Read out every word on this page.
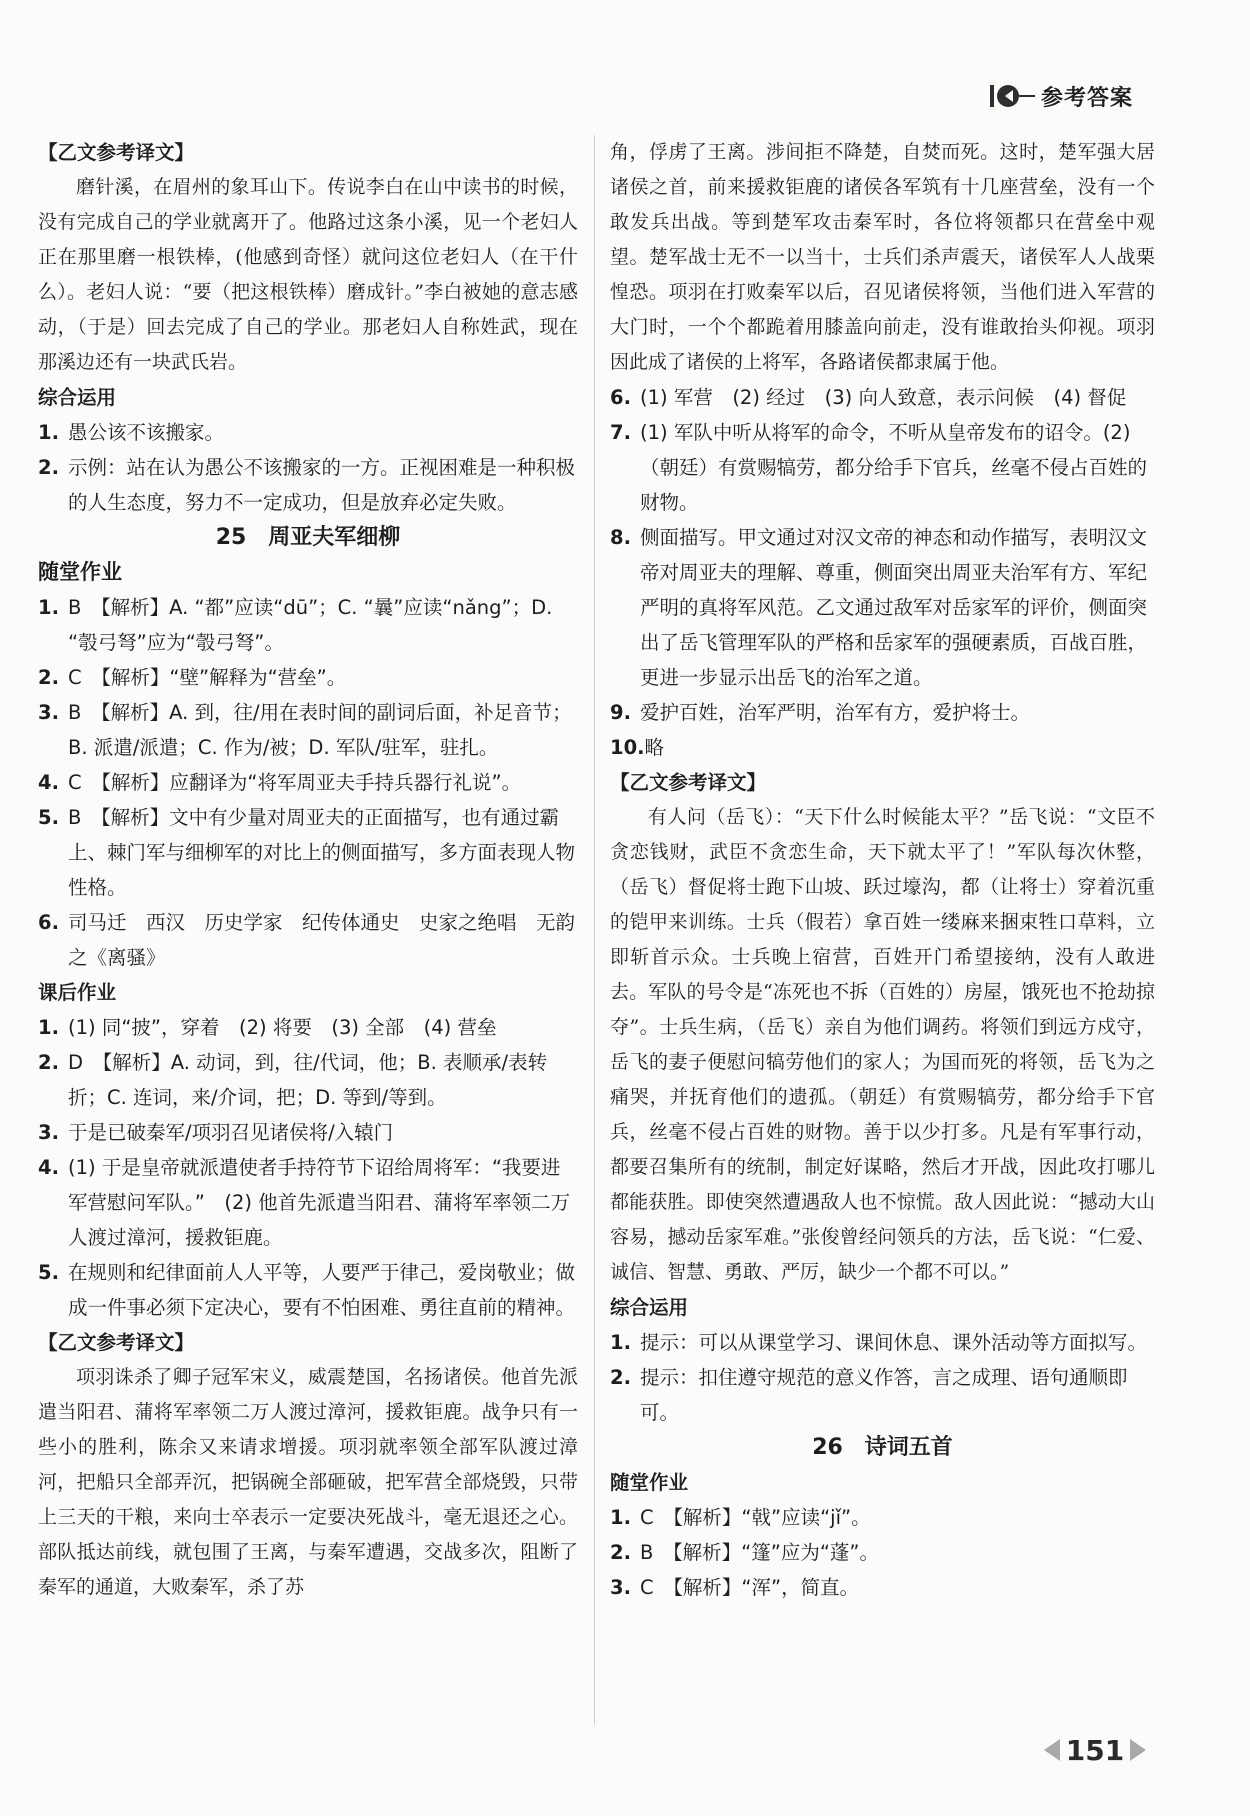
参考答案

【乙文参考译文】

磨针溪，在眉州的象耳山下。传说李白在山中读书的时候，没有完成自己的学业就离开了。他路过这条小溪，见一个老妇人正在那里磨一根铁棒，(他感到奇怪）就问这位老妇人（在干什么）。老妇人说：“要（把这根铁棒）磨成针。”李白被她的意志感动，（于是）回去完成了自己的学业。那老妇人自称姓武，现在那溪边还有一块武氏岩。

综合运用

1. 愚公该不该搬家。
2. 示例：站在认为愚公不该搬家的一方。正视困难是一种积极的人生态度，努力不一定成功，但是放弃必定失败。

25　周亚夫军细柳

随堂作业

1. B　【解析】A. “都”应读“dū”；C. “曩”应读“nǎng”；D. “彀弓弩”应为“彀弓弩”。
2. C　【解析】“壁”解释为“营垒”。
3. B　【解析】A. 到，往/用在表时间的副词后面，补足音节；B. 派遣/派遣；C. 作为/被；D. 军队/驻军，驻扎。
4. C　【解析】应翻译为“将军周亚夫手持兵器行礼说”。
5. B　【解析】文中有少量对周亚夫的正面描写，也有通过霸上、棘门军与细柳军的对比上的侧面描写，多方面表现人物性格。
6. 司马迁　西汉　历史学家　纪传体通史　史家之绝唱　无韵之《离骚》

课后作业

1. (1) 同“披”，穿着　(2) 将要　(3) 全部　(4) 营垒
2. D　【解析】A. 动词，到，往/代词，他；B. 表顺承/表转折；C. 连词，来/介词，把；D. 等到/等到。
3. 于是已破秦军/项羽召见诸侯将/入辕门
4. (1) 于是皇帝就派遣使者手持符节下诏给周将军：“我要进军营慰问军队。”　(2) 他首先派遣当阳君、蒲将军率领二万人渡过漳河，援救钜鹿。
5. 在规则和纪律面前人人平等，人要严于律己，爱岗敬业；做成一件事必须下定决心，要有不怕困难、勇往直前的精神。

【乙文参考译文】

项羽诛杀了卿子冠军宋义，威震楚国，名扬诸侯。他首先派遣当阳君、蒲将军率领二万人渡过漳河，援救钜鹿。战争只有一些小的胜利，陈余又来请求增援。项羽就率领全部军队渡过漳河，把船只全部弄沉，把锅碗全部砸破，把军营全部烧毁，只带上三天的干粮，来向士卒表示一定要决死战斗，毫无退还之心。部队抵达前线，就包围了王离，与秦军遭遇，交战多次，阻断了秦军的通道，大败秦军，杀了苏

角，俘虏了王离。涉间拒不降楚，自焚而死。这时，楚军强大居诸侯之首，前来援救钜鹿的诸侯各军筑有十几座营垒，没有一个敢发兵出战。等到楚军攻击秦军时，各位将领都只在营垒中观望。楚军战士无不一以当十，士兵们杀声震天，诸侯军人人战栗惶恐。项羽在打败秦军以后，召见诸侯将领，当他们进入军营的大门时，一个个都跪着用膝盖向前走，没有谁敢抬头仰视。项羽因此成了诸侯的上将军，各路诸侯都隶属于他。

6. (1) 军营　(2) 经过　(3) 向人致意，表示问候　(4) 督促
7. (1) 军队中听从将军的命令，不听从皇帝发布的诏令。(2)（朝廷）有赏赐犒劳，都分给手下官兵，丝毫不侵占百姓的财物。
8. 侧面描写。甲文通过对汉文帝的神态和动作描写，表明汉文帝对周亚夫的理解、尊重，侧面突出周亚夫治军有方、军纪严明的真将军风范。乙文通过敌军对岳家军的评价，侧面突出了岳飞管理军队的严格和岳家军的强硬素质，百战百胜，更进一步显示出岳飞的治军之道。
9. 爱护百姓，治军严明，治军有方，爱护将士。
10. 略

【乙文参考译文】

有人问（岳飞）：“天下什么时候能太平？”岳飞说：“文臣不贪恋钱财，武臣不贪恋生命，天下就太平了！”军队每次休整，（岳飞）督促将士跑下山坡、跃过壕沟，都（让将士）穿着沉重的铠甲来训练。士兵（假若）拿百姓一缕麻来捆束牲口草料，立即斩首示众。士兵晚上宿营，百姓开门希望接纳，没有人敢进去。军队的号令是“冻死也不拆（百姓的）房屋，饿死也不抢劫掠夺”。士兵生病，（岳飞）亲自为他们调药。将领们到远方戍守，岳飞的妻子便慰问犒劳他们的家人；为国而死的将领，岳飞为之痛哭，并抚育他们的遗孤。（朝廷）有赏赐犒劳，都分给手下官兵，丝毫不侵占百姓的财物。善于以少打多。凡是有军事行动，都要召集所有的统制，制定好谋略，然后才开战，因此攻打哪儿都能获胜。即使突然遭遇敌人也不惊慌。敌人因此说：“撼动大山容易，撼动岳家军难。”张俊曾经问领兵的方法，岳飞说：“仁爱、诚信、智慧、勇敢、严厉，缺少一个都不可以。”

综合运用

1. 提示：可以从课堂学习、课间休息、课外活动等方面拟写。
2. 提示：扣住遵守规范的意义作答，言之成理、语句通顺即可。

26　诗词五首

随堂作业

1. C　【解析】“戟”应读“jǐ”。
2. B　【解析】“篷”应为“蓬”。
3. C　【解析】“浑”，简直。
151
